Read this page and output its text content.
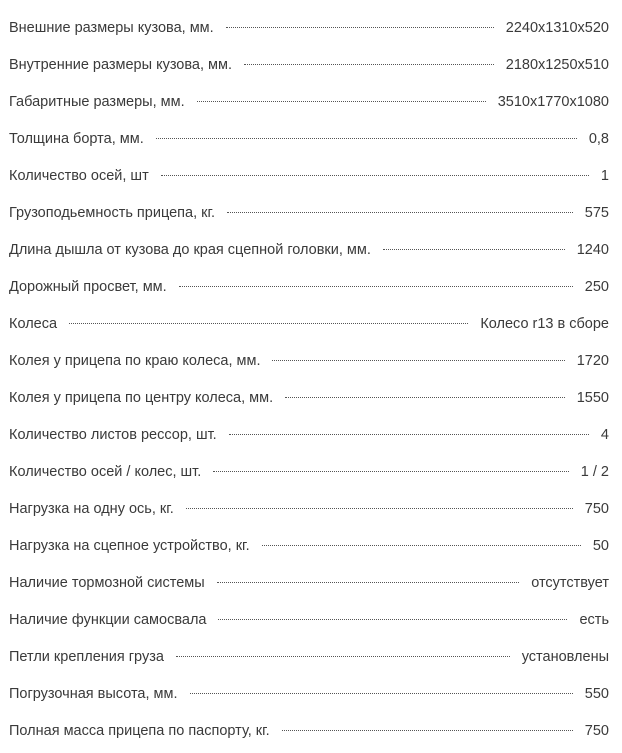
Внешние размеры кузова, мм.	2240x1310x520
Внутренние размеры кузова, мм.	2180x1250x510
Габаритные размеры, мм.	3510x1770x1080
Толщина борта, мм.	0,8
Количество осей, шт	1
Грузоподьемность прицепа, кг.	575
Длина дышла от кузова до края сцепной головки, мм.	1240
Дорожный просвет, мм.	250
Колеса	Колесо r13 в сборе
Колея у прицепа по краю колеса, мм.	1720
Колея у прицепа по центру колеса, мм.	1550
Количество листов рессор, шт.	4
Количество осей / колес, шт.	1 / 2
Нагрузка на одну ось, кг.	750
Нагрузка на сцепное устройство, кг.	50
Наличие тормозной системы	отсутствует
Наличие функции самосвала	есть
Петли крепления груза	установлены
Погрузочная высота, мм.	550
Полная масса прицепа по паспорту, кг.	750
